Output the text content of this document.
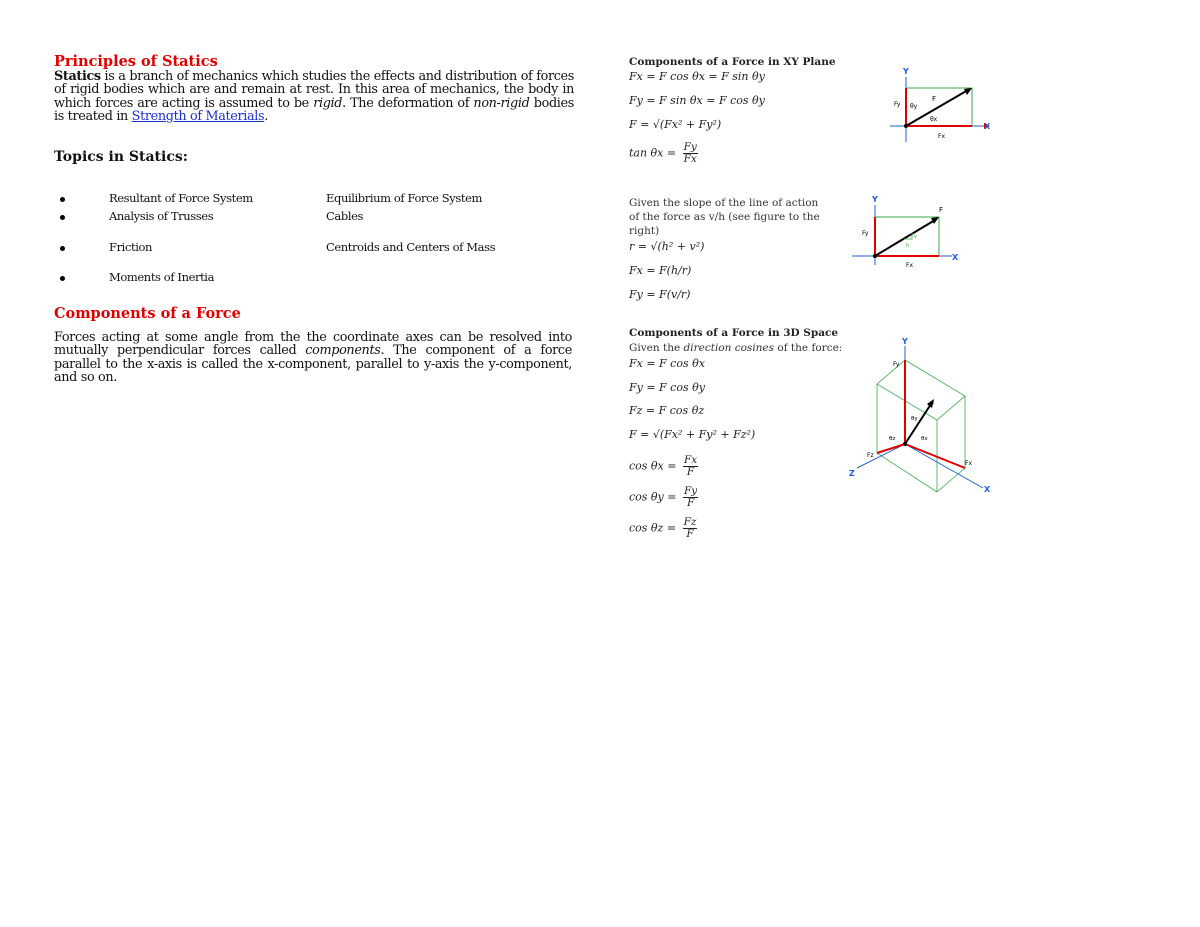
Principles of Statics
Statics is a branch of mechanics which studies the effects and distribution of forces of rigid bodies which are and remain at rest. In this area of mechanics, the body in which forces are acting is assumed to be rigid. The deformation of non-rigid bodies is treated in Strength of Materials.
Topics in Statics:
Resultant of Force System	Equilibrium of Force System
Analysis of Trusses	Cables
Friction	Centroids and Centers of Mass
Moments of Inertia
Components of a Force
Forces acting at some angle from the the coordinate axes can be resolved into mutually perpendicular forces called components. The component of a force parallel to the x-axis is called the x-component, parallel to y-axis the y-component, and so on.
Components of a Force in XY Plane
Fx = F cos θx = F sin θy
Fy = F sin θx = F cos θy
F = √(Fx² + Fy²)
$\tan \theta x = \frac{Fy}{Fx}$
Given the slope of the line of action
of the force as v/h (see figure to the
right)
r = √(h² + v²)
Fx = F(h/r)
Fy = F(v/r)
Components of a Force in 3D Space
Given the direction cosines of the force:
Fx = F cos θx
Fy = F cos θy
Fz = F cos θz
F = √(Fx² + Fy² + Fz²)
$\cos \theta x = \frac{Fx}{F}$
$\cos \theta y = \frac{Fy}{F}$
$\cos \theta z = \frac{Fz}{F}$
Y
X
F
Fy
Fx
θx
θy
Y
X
F
Fy
Fx
h
v
Y
X
Z
F
Fy
Fx
Fz
θy
θx
θz
